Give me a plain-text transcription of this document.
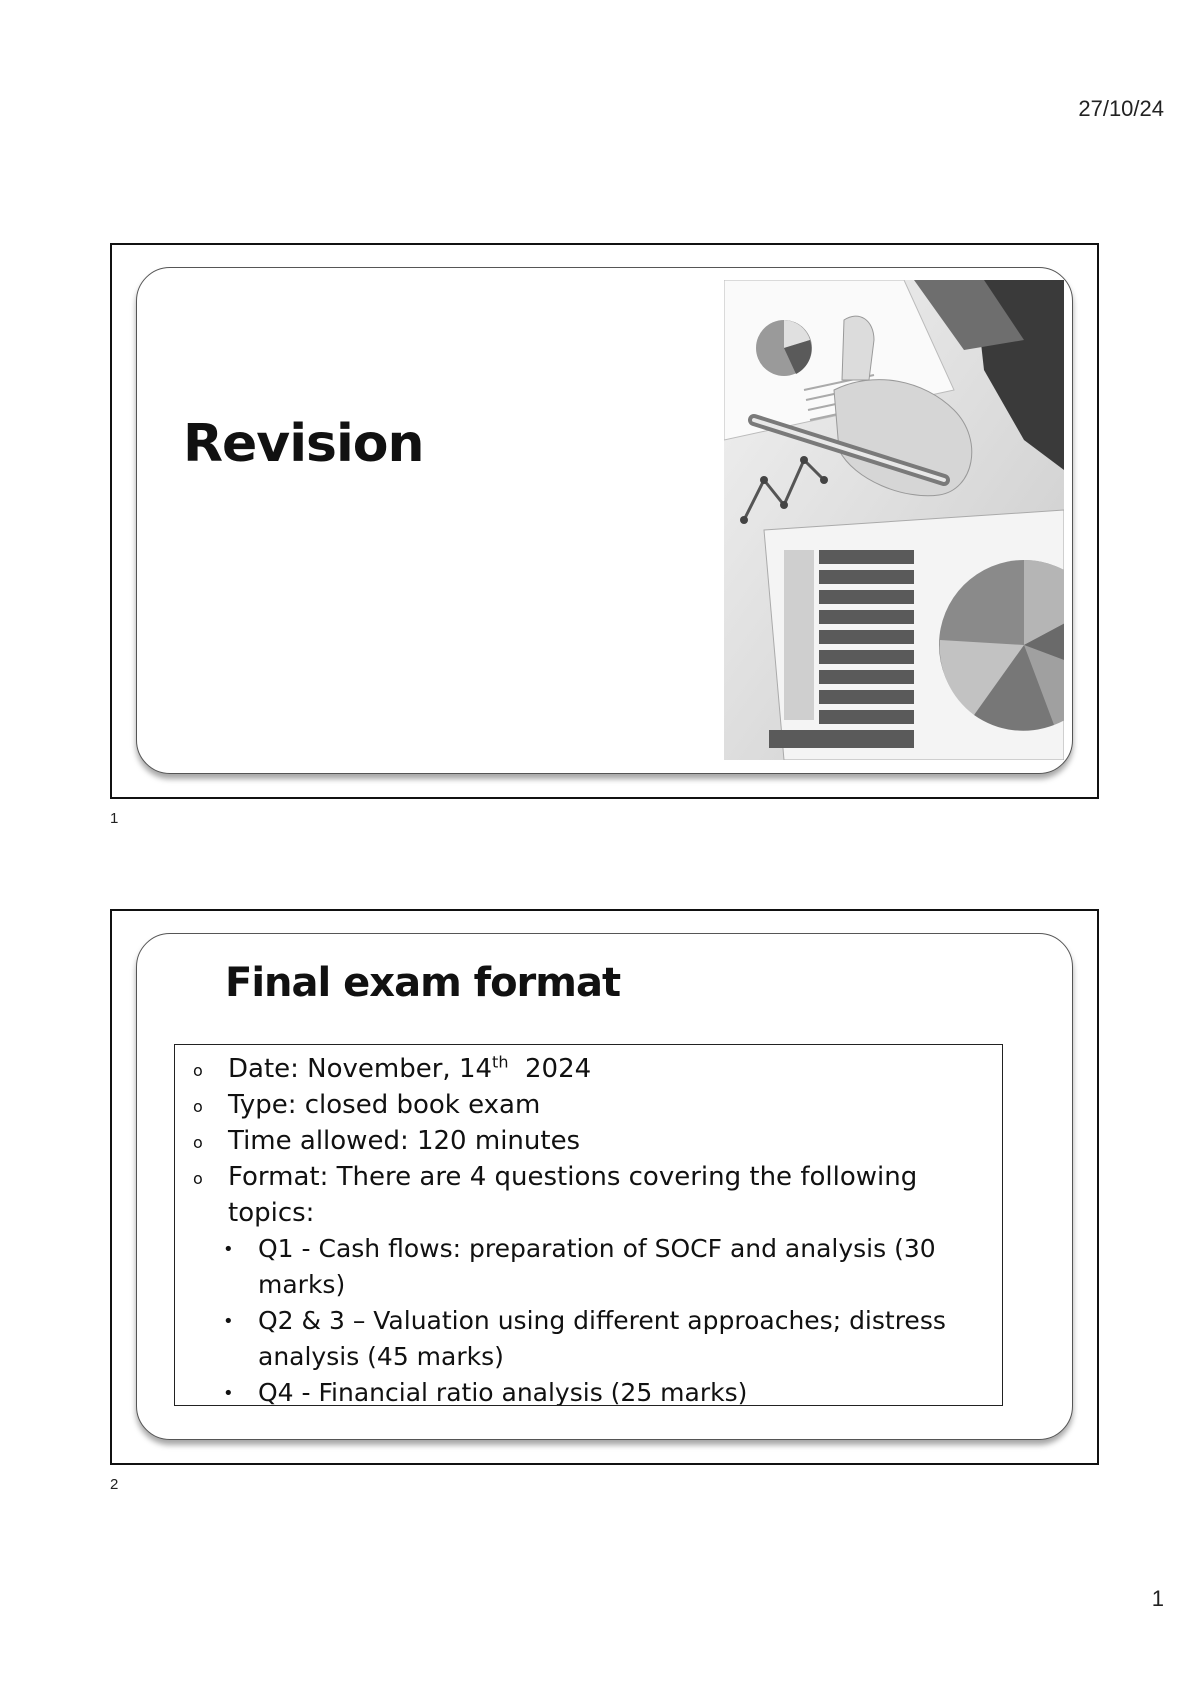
27/10/24
Revision
1
Final exam format
o Date: November, 14th  2024
o Type: closed book exam
o Time allowed: 120 minutes
o Format: There are 4 questions covering the following topics:
• Q1 - Cash flows: preparation of SOCF and analysis (30 marks)
• Q2 & 3 – Valuation using different approaches; distress analysis (45 marks)
• Q4 - Financial ratio analysis (25 marks)
2
1
